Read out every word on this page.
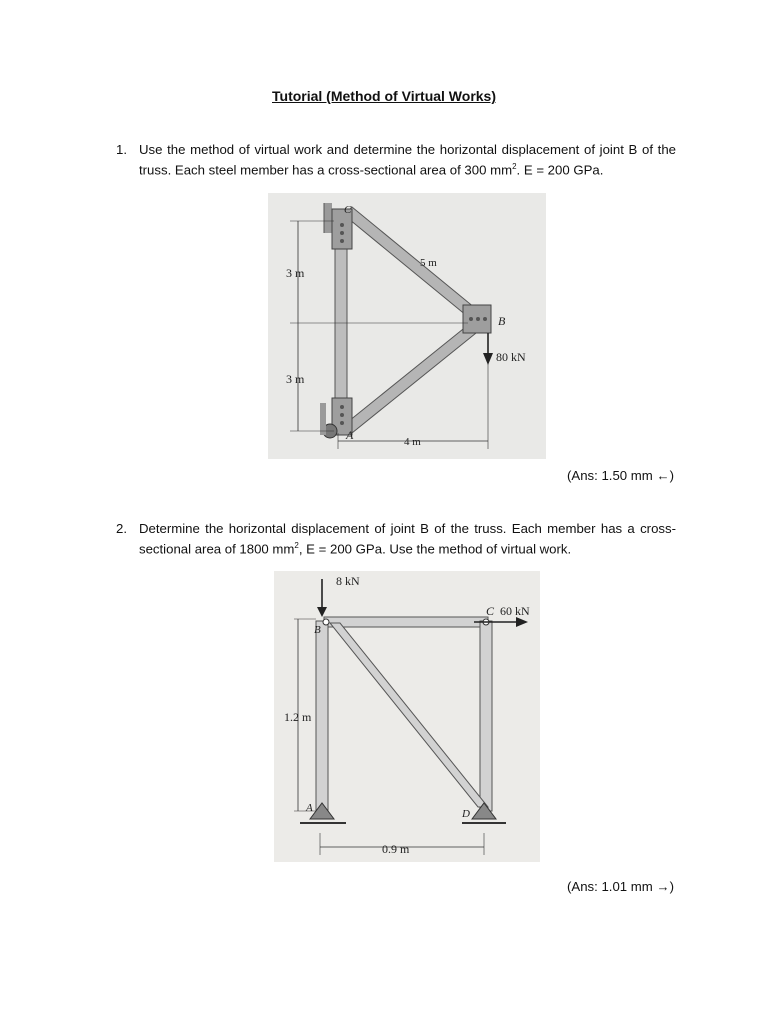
Tutorial (Method of Virtual Works)
1. Use the method of virtual work and determine the horizontal displacement of joint B of the truss. Each steel member has a cross-sectional area of 300 $mm^2$. E = 200 GPa.
3 m
3 m
5 m
4 m
80 kN
B
A
C
(Ans: 1.50 mm ←)
2. Determine the horizontal displacement of joint B of the truss. Each member has a cross-sectional area of 1800 $mm^2$, E = 200 GPa. Use the method of virtual work.
8 kN
60 kN
1.2 m
0.9 m
B
C
A	D
(Ans: 1.01 mm →)
